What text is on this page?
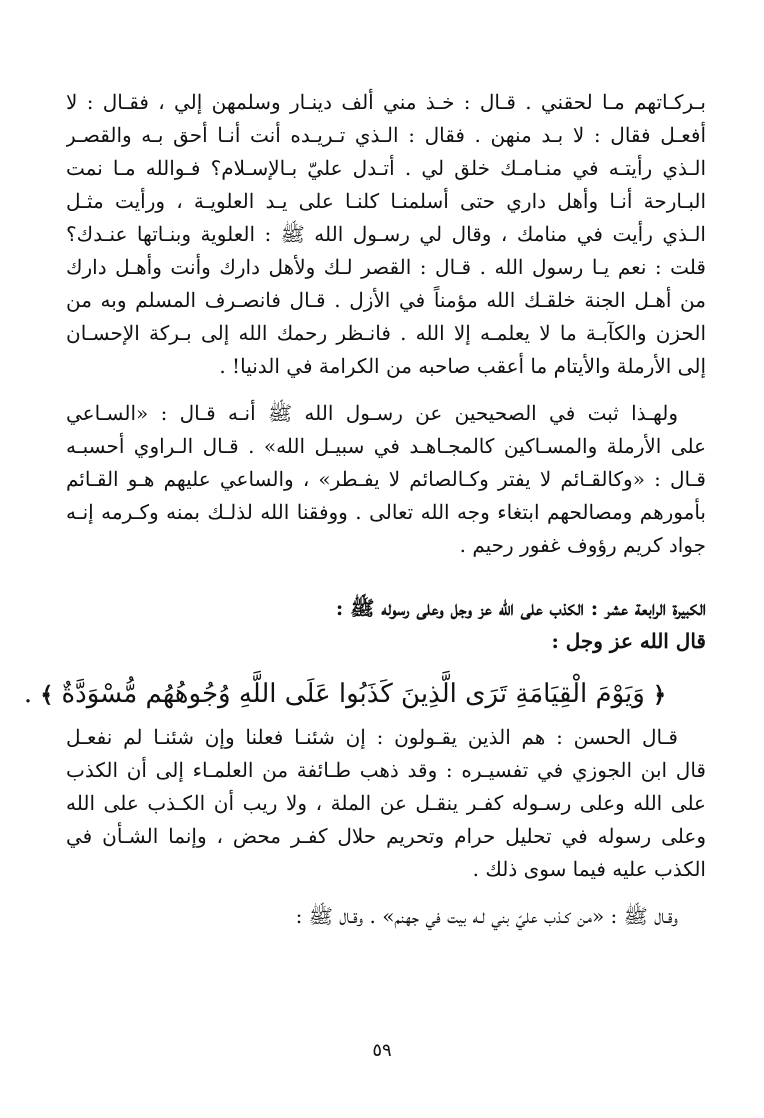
بـركـاتهم مـا لحقني . قـال : خـذ مني ألف دينـار وسلمهن إلي ، فقـال : لا
أفعـل فقال : لا بـد منهن . فقال : الـذي تـريـده أنت أنـا أحق بـه والقصـر
الـذي رأيتـه في منـامـك خلق لي . أتـدل عليّ بـالإسـلام؟ فـوالله مـا نمت
البـارحة أنـا وأهل داري حتى أسلمنـا كلنـا على يـد العلويـة ، ورأيت مثـل
الـذي رأيت في منامك ، وقال لي رسـول الله ﷺ : العلوية وبنـاتها عنـدك؟
قلت : نعم يـا رسول الله . قـال : القصر لـك ولأهل دارك وأنت وأهـل دارك
من أهـل الجنة خلقـك الله مؤمناً في الأزل . قـال فانصـرف المسلم وبه من
الحزن والكآبـة ما لا يعلمـه إلا الله . فانـظر رحمك الله إلى بـركة الإحسـان
إلى الأرملة والأيتام ما أعقب صاحبه من الكرامة في الدنيا! .
ولهـذا ثبت في الصحيحين عن رسـول الله ﷺ أنـه قـال : «السـاعي
على الأرملة والمسـاكين كالمجـاهـد في سبيـل الله» . قـال الـراوي أحسبـه
قـال : «وكالقـائم لا يفتر وكـالصائم لا يفـطر» ، والساعي عليهم هـو القـائم
بأمورهم ومصالحهم ابتغاء وجه الله تعالى . ووفقنا الله لذلـك بمنه وكـرمه إنـه
جواد كريم رؤوف غفور رحيم .
الكبيرة الرابعة عشر : الكذب على الله عز وجل وعلى رسوله ﷺ :
قال الله عز وجل :
﴿ وَيَوْمَ الْقِيَامَةِ تَرَى الَّذِينَ كَذَبُوا عَلَى اللَّهِ وُجُوهُهُم مُّسْوَدَّةٌ ﴾ .
قـال الحسن : هم الذين يقـولون : إن شئنـا فعلنا وإن شئنـا لم نفعـل
قال ابن الجوزي في تفسيـره : وقد ذهب طـائفة من العلمـاء إلى أن الكذب
على الله وعلى رسـوله كفـر ينقـل عن الملة ، ولا ريب أن الكـذب على الله
وعلى رسوله في تحليل حرام وتحريم حلال كفـر محض ، وإنما الشـأن في
الكذب عليه فيما سوى ذلك .
وقـال ﷺ : «من كـذب عليّ بني لـه بيت في جهنم» . وقـال ﷺ :
٥٩
